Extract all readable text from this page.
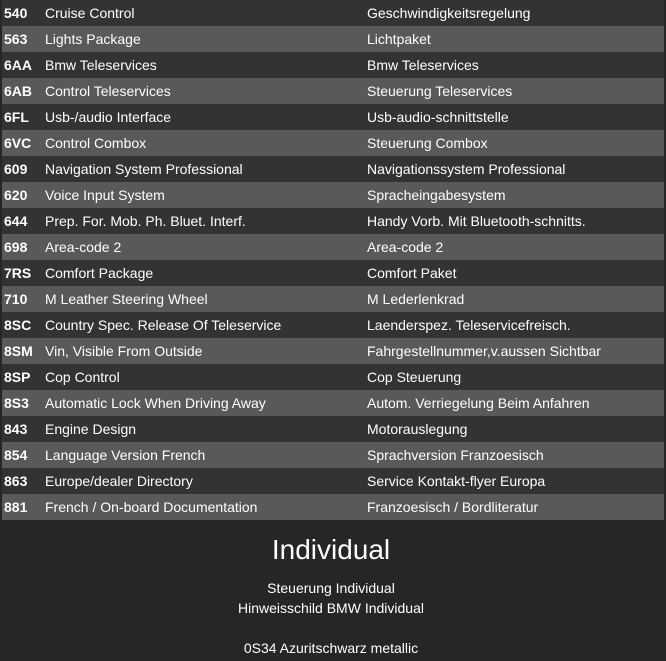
540	Cruise Control	Geschwindigkeitsregelung
563	Lights Package	Lichtpaket
6AA	Bmw Teleservices	Bmw Teleservices
6AB	Control Teleservices	Steuerung Teleservices
6FL	Usb-/audio Interface	Usb-audio-schnittstelle
6VC	Control Combox	Steuerung Combox
609	Navigation System Professional	Navigationssystem Professional
620	Voice Input System	Spracheingabesystem
644	Prep. For. Mob. Ph. Bluet. Interf.	Handy Vorb. Mit Bluetooth-schnitts.
698	Area-code 2	Area-code 2
7RS	Comfort Package	Comfort Paket
710	M Leather Steering Wheel	M Lederlenkrad
8SC	Country Spec. Release Of Teleservice	Laenderspez. Teleservicefreisch.
8SM	Vin, Visible From Outside	Fahrgestellnummer,v.aussen Sichtbar
8SP	Cop Control	Cop Steuerung
8S3	Automatic Lock When Driving Away	Autom. Verriegelung Beim Anfahren
843	Engine Design	Motorauslegung
854	Language Version French	Sprachversion Franzoesisch
863	Europe/dealer Directory	Service Kontakt-flyer Europa
881	French / On-board Documentation	Franzoesisch / Bordliteratur
Individual
Steuerung Individual
Hinweisschild BMW Individual
0S34 Azuritschwarz metallic
